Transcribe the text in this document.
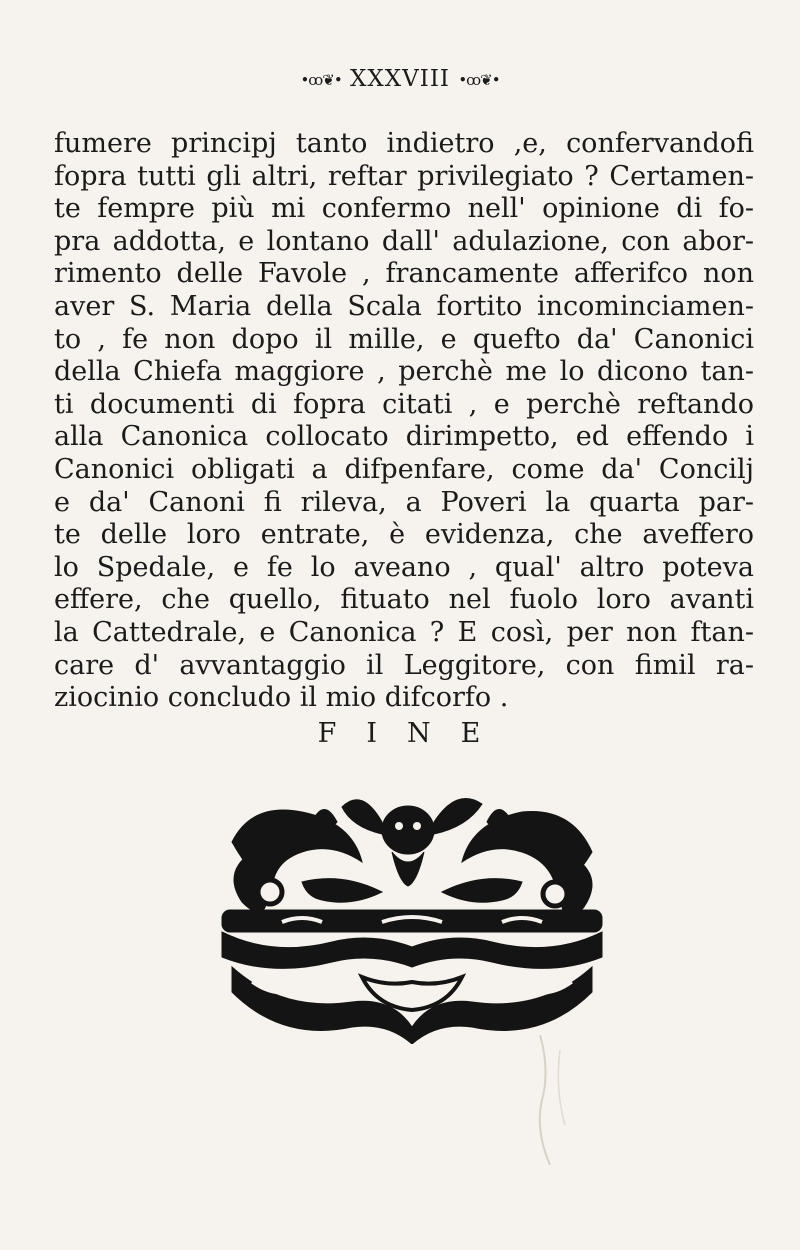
•ꝏ❦• XXXVIII •ꝏ❦•
fumere principj tanto indietro ,e, confervandofi
fopra tutti gli altri, reftar privilegiato ? Certamen-
te fempre più mi confermo nell' opinione di fo-
pra addotta, e lontano dall' adulazione, con abor-
rimento delle Favole , francamente afferifco non
aver S. Maria della Scala fortito incominciamen-
to , fe non dopo il mille, e quefto da' Canonici
della Chiefa maggiore , perchè me lo dicono tan-
ti documenti di fopra citati , e perchè reftando
alla Canonica collocato dirimpetto, ed effendo i
Canonici obligati a difpenfare, come da' Concilj
e da' Canoni fi rileva, a Poveri la quarta par-
te delle loro entrate, è evidenza, che aveffero
lo Spedale, e fe lo aveano , qual' altro poteva
effere, che quello, fituato nel fuolo loro avanti
la Cattedrale, e Canonica ? E così, per non ftan-
care d' avvantaggio il Leggitore, con fimil ra-
ziocinio concludo il mio difcorfo .
FINE
